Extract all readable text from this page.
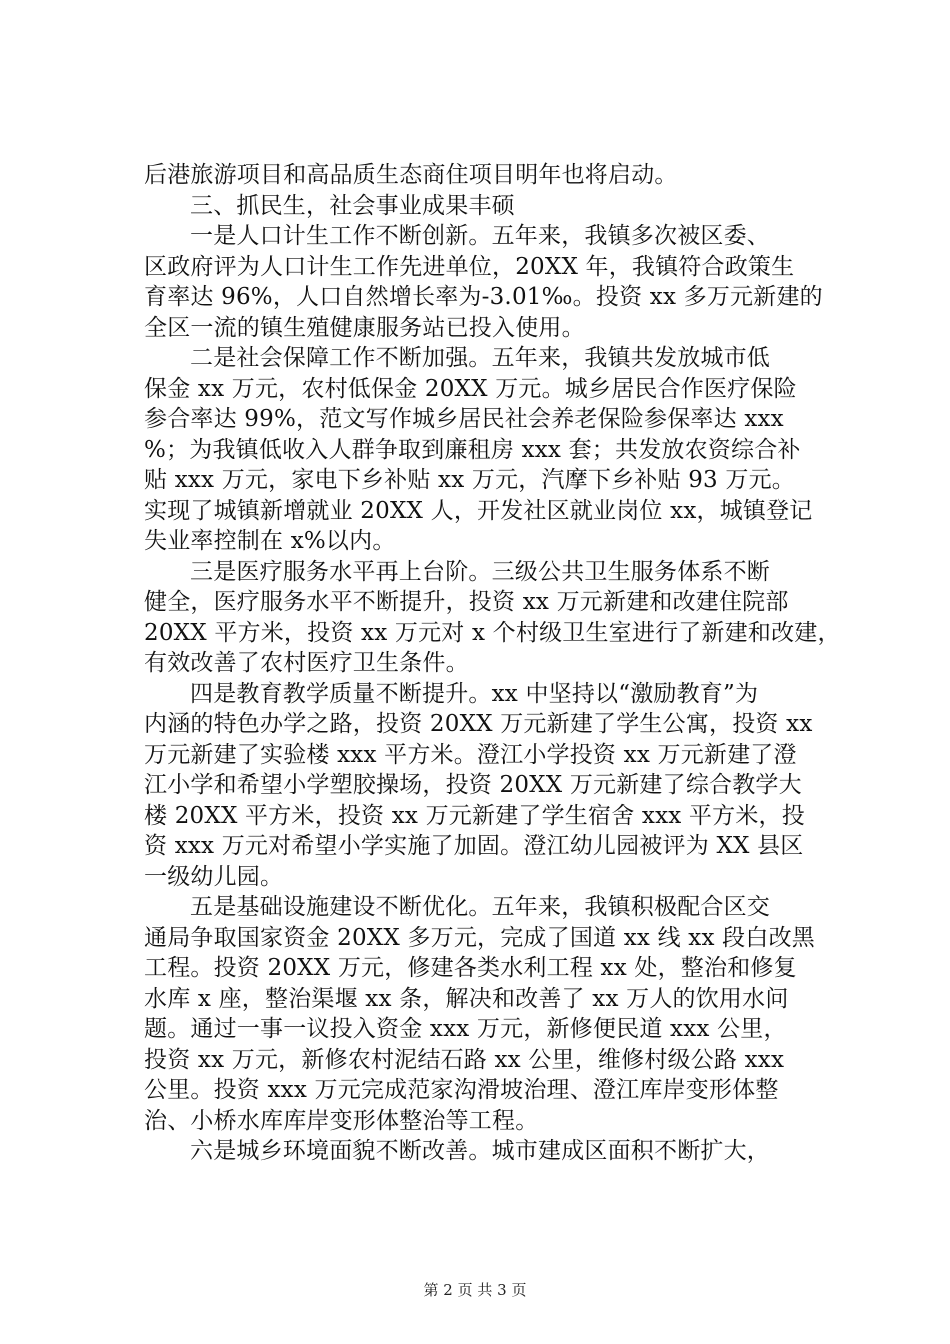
后港旅游项目和高品质生态商住项目明年也将启动。
三、抓民生，社会事业成果丰硕
一是人口计生工作不断创新。五年来，我镇多次被区委、
区政府评为人口计生工作先进单位，20XX 年，我镇符合政策生
育率达 96%，人口自然增长率为-3.01‰。投资 xx 多万元新建的
全区一流的镇生殖健康服务站已投入使用。
二是社会保障工作不断加强。五年来，我镇共发放城市低
保金 xx 万元，农村低保金 20XX 万元。城乡居民合作医疗保险
参合率达 99%，范文写作城乡居民社会养老保险参保率达 xxx
%；为我镇低收入人群争取到廉租房 xxx 套；共发放农资综合补
贴 xxx 万元，家电下乡补贴 xx 万元，汽摩下乡补贴 93 万元。
实现了城镇新增就业 20XX 人，开发社区就业岗位 xx，城镇登记
失业率控制在 x%以内。
三是医疗服务水平再上台阶。三级公共卫生服务体系不断
健全，医疗服务水平不断提升，投资 xx 万元新建和改建住院部
20XX 平方米，投资 xx 万元对 x 个村级卫生室进行了新建和改建，
有效改善了农村医疗卫生条件。
四是教育教学质量不断提升。xx 中坚持以“激励教育”为
内涵的特色办学之路，投资 20XX 万元新建了学生公寓，投资 xx
万元新建了实验楼 xxx 平方米。澄江小学投资 xx 万元新建了澄
江小学和希望小学塑胶操场，投资 20XX 万元新建了综合教学大
楼 20XX 平方米，投资 xx 万元新建了学生宿舍 xxx 平方米，投
资 xxx 万元对希望小学实施了加固。澄江幼儿园被评为 XX 县区
一级幼儿园。
五是基础设施建设不断优化。五年来，我镇积极配合区交
通局争取国家资金 20XX 多万元，完成了国道 xx 线 xx 段白改黑
工程。投资 20XX 万元，修建各类水利工程 xx 处，整治和修复
水库 x 座，整治渠堰 xx 条，解决和改善了 xx 万人的饮用水问
题。通过一事一议投入资金 xxx 万元，新修便民道 xxx 公里，
投资 xx 万元，新修农村泥结石路 xx 公里，维修村级公路 xxx
公里。投资 xxx 万元完成范家沟滑坡治理、澄江库岸变形体整
治、小桥水库库岸变形体整治等工程。
六是城乡环境面貌不断改善。城市建成区面积不断扩大，
第 2 页 共 3 页
